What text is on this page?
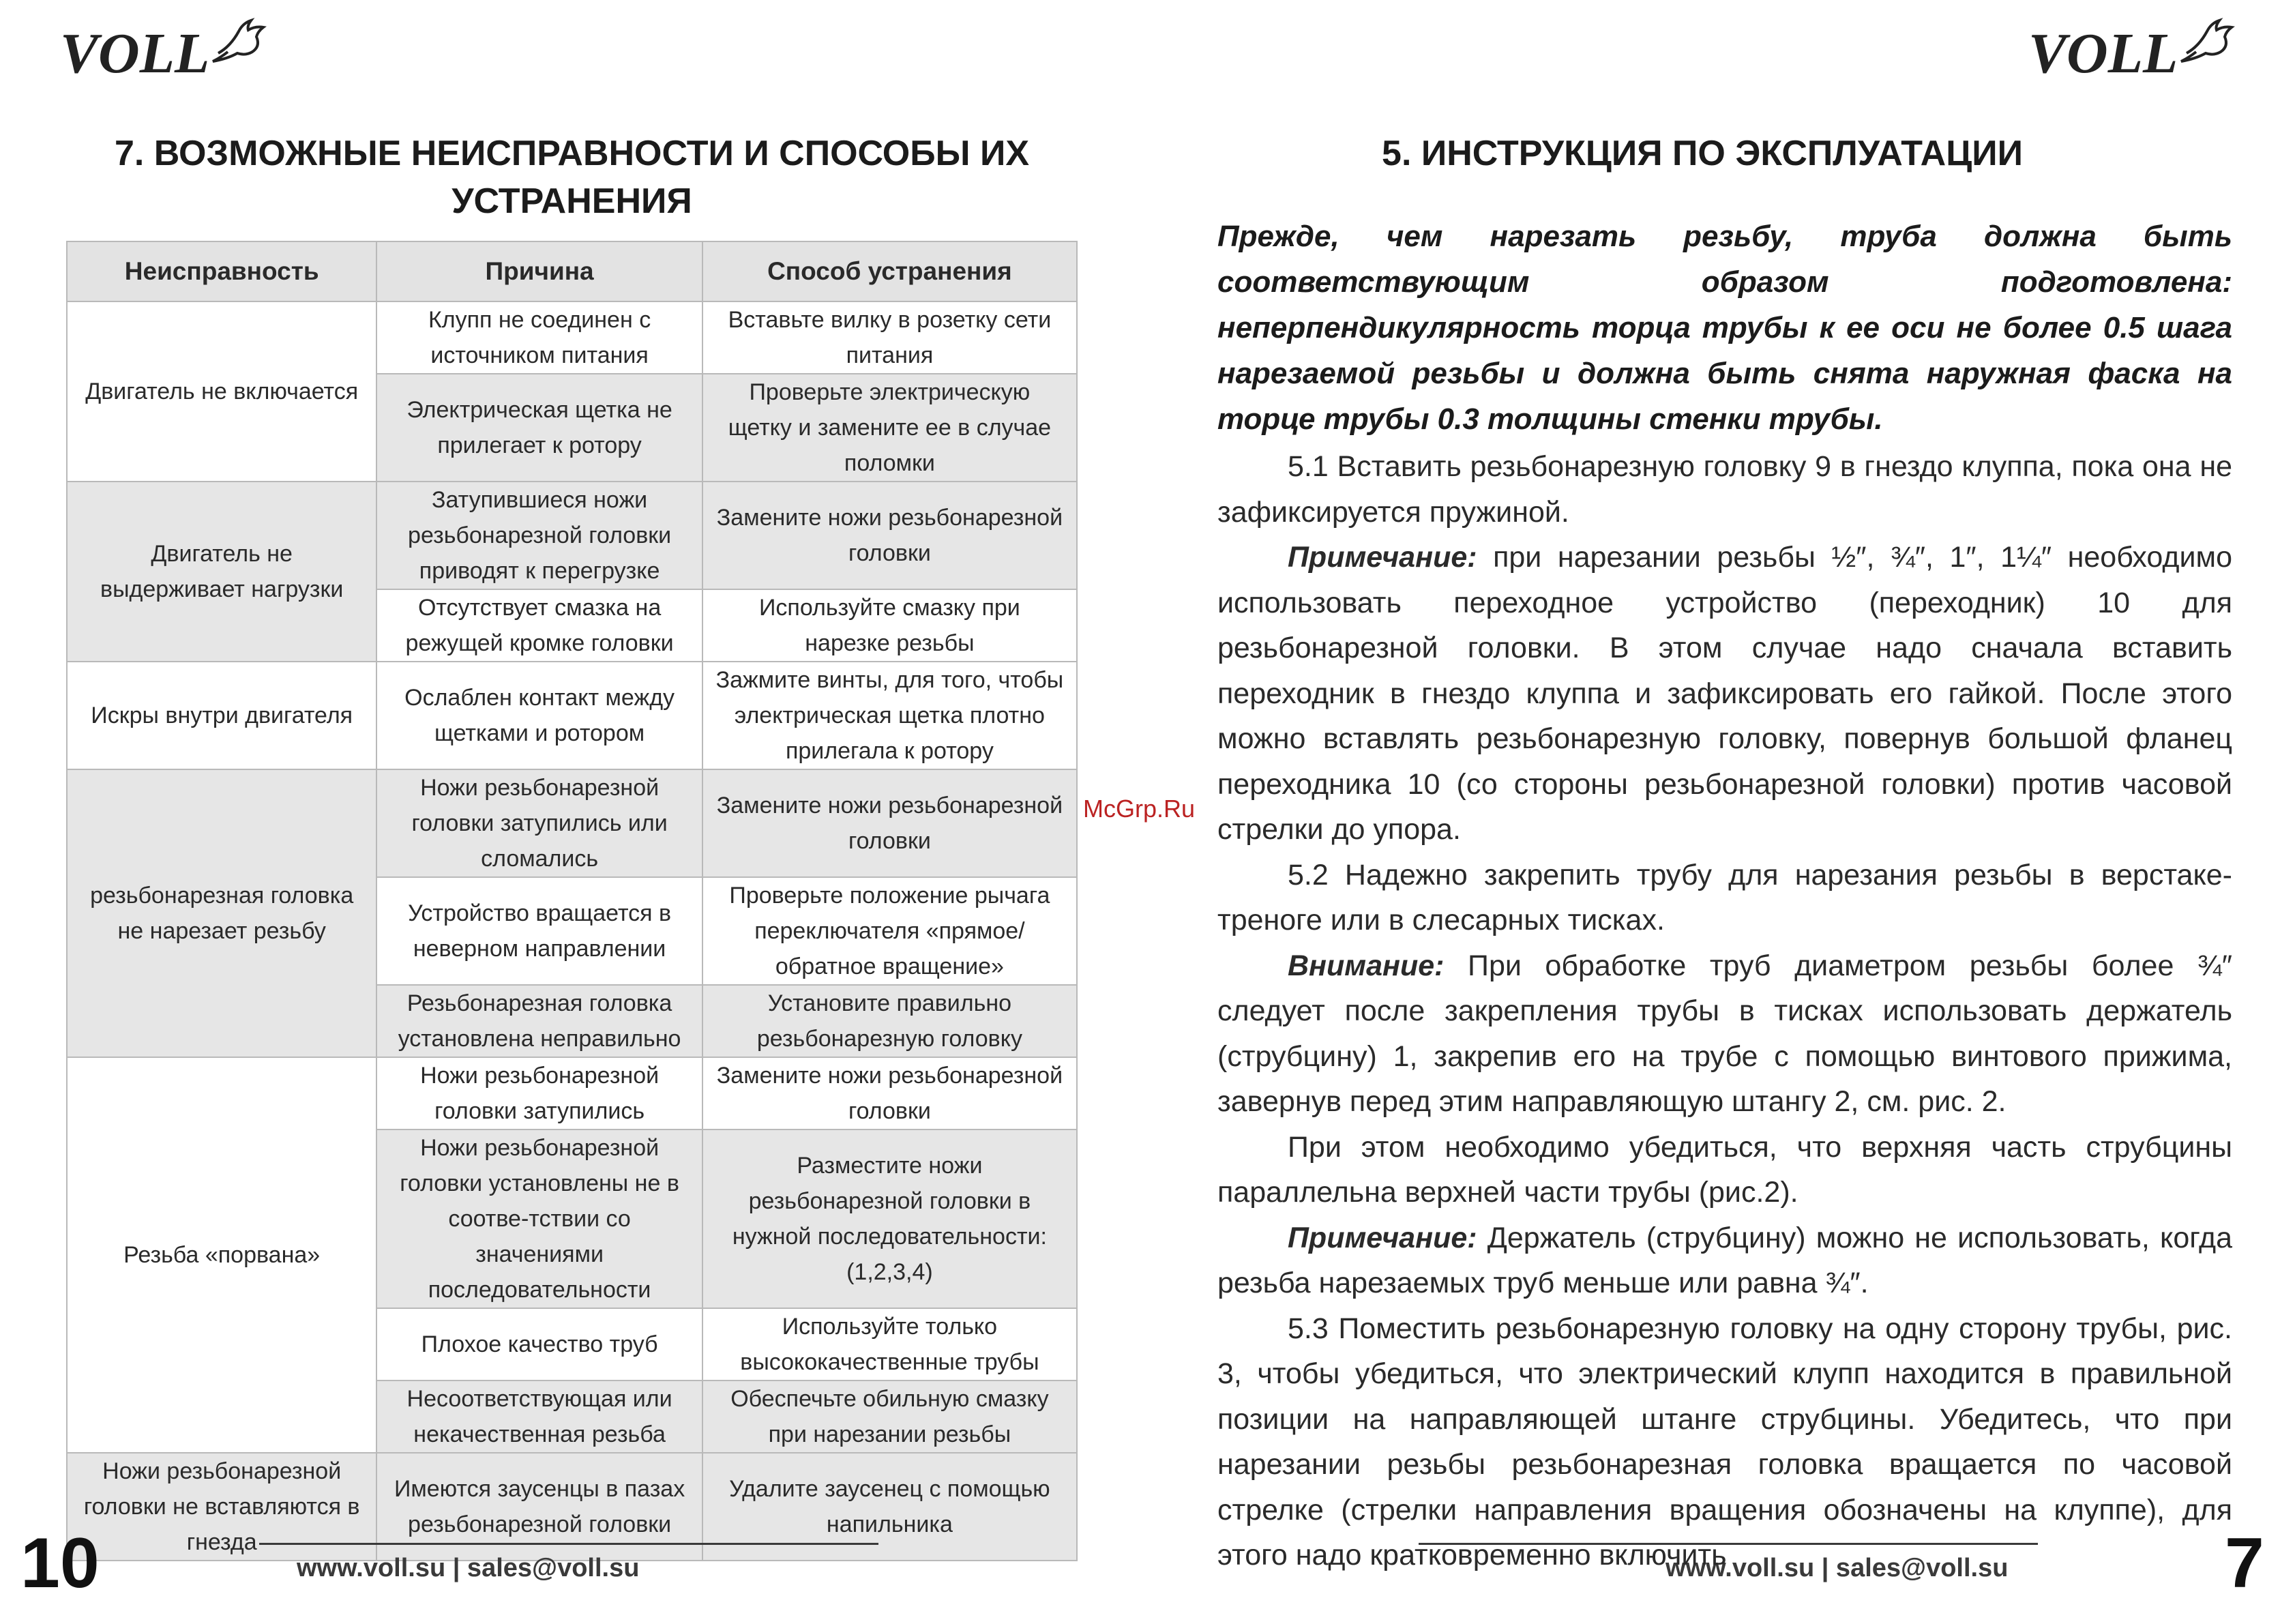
VOLL
7. ВОЗМОЖНЫЕ НЕИСПРАВНОСТИ И СПОСОБЫ ИХ
УСТРАНЕНИЯ
Неисправность	Причина	Способ устранения
Двигатель не включается	Клупп не соединен с источником питания	Вставьте вилку в розетку сети питания
	Электрическая щетка не прилегает к ротору	Проверьте электрическую щетку и замените ее в случае поломки
Двигатель не выдерживает нагрузки	Затупившиеся ножи резьбонарезной головки приводят к перегрузке	Замените ножи резьбонарезной головки
	Отсутствует смазка на режущей кромке головки	Используйте смазку при нарезке резьбы
Искры внутри двигателя	Ослаблен контакт между щетками и ротором	Зажмите винты, для того, чтобы электрическая щетка плотно прилегала к ротору
резьбонарезная головка не нарезает резьбу	Ножи резьбонарезной головки затупились или сломались	Замените ножи резьбонарезной головки
	Устройство вращается в неверном направлении	Проверьте положение рычага переключателя «прямое/обратное вращение»
	Резьбонарезная головка установлена неправильно	Установите правильно резьбонарезную головку
Резьба «порвана»	Ножи резьбонарезной головки затупились	Замените ножи резьбонарезной головки
	Ножи резьбонарезной головки установлены не в соотве-тствии со значениями последовательности	Разместите ножи резьбонарезной головки в нужной последовательности: (1,2,3,4)
	Плохое качество труб	Используйте только высококачественные трубы
	Несоответствующая или некачественная резьба	Обеспечьте обильную смазку при нарезании резьбы
Ножи резьбонарезной головки не вставляются в гнезда	Имеются заусенцы в пазах резьбонарезной головки	Удалите заусенец с помощью напильника
10	www.voll.su | sales@voll.su
VOLL
5. ИНСТРУКЦИЯ ПО ЭКСПЛУАТАЦИИ
7
www.voll.su | sales@voll.su
Прежде, чем нарезать резьбу, труба должна быть соответствующим образом подготовлена: неперпендикулярность торца трубы к ее оси не более 0.5 шага нарезаемой резьбы и должна быть снята наружная фаска на торце трубы 0.3 толщины стенки трубы.

5.1 Вставить резьбонарезную головку 9 в гнездо клуппа, пока она не зафиксируется пружиной.

Примечание: при нарезании резьбы ½″, ¾″, 1″, 1¼″ необходимо использовать переходное устройство (переходник) 10 для резьбонарезной головки. В этом случае надо сначала вставить переходник в гнездо клуппа и зафиксировать его гайкой. После этого можно вставлять резьбонарезную головку, повернув большой фланец переходника 10 (со стороны резьбонарезной головки) против часовой стрелки до упора.

5.2 Надежно закрепить трубу для нарезания резьбы в верстаке-треноге или в слесарных тисках.

Внимание: При обработке труб диаметром резьбы более ¾″ следует после закрепления трубы в тисках использовать держатель (струбцину) 1, закрепив его на трубе с помощью винтового прижима, завернув перед этим направляющую штангу 2, см. рис. 2.

При этом необходимо убедиться, что верхняя часть струбцины параллельна верхней части трубы (рис.2).

Примечание: Держатель (струбцину) можно не использовать, когда резьба нарезаемых труб меньше или равна ¾″.

5.3 Поместить резьбонарезную головку на одну сторону трубы, рис. 3, чтобы убедиться, что электрический клупп находится в правильной позиции на направляющей штанге струбцины. Убедитесь, что при нарезании резьбы резьбонарезная головка вращается по часовой стрелке (стрелки направления вращения обозначены на клуппе), для этого надо кратковременно включить

McGrp.Ru
